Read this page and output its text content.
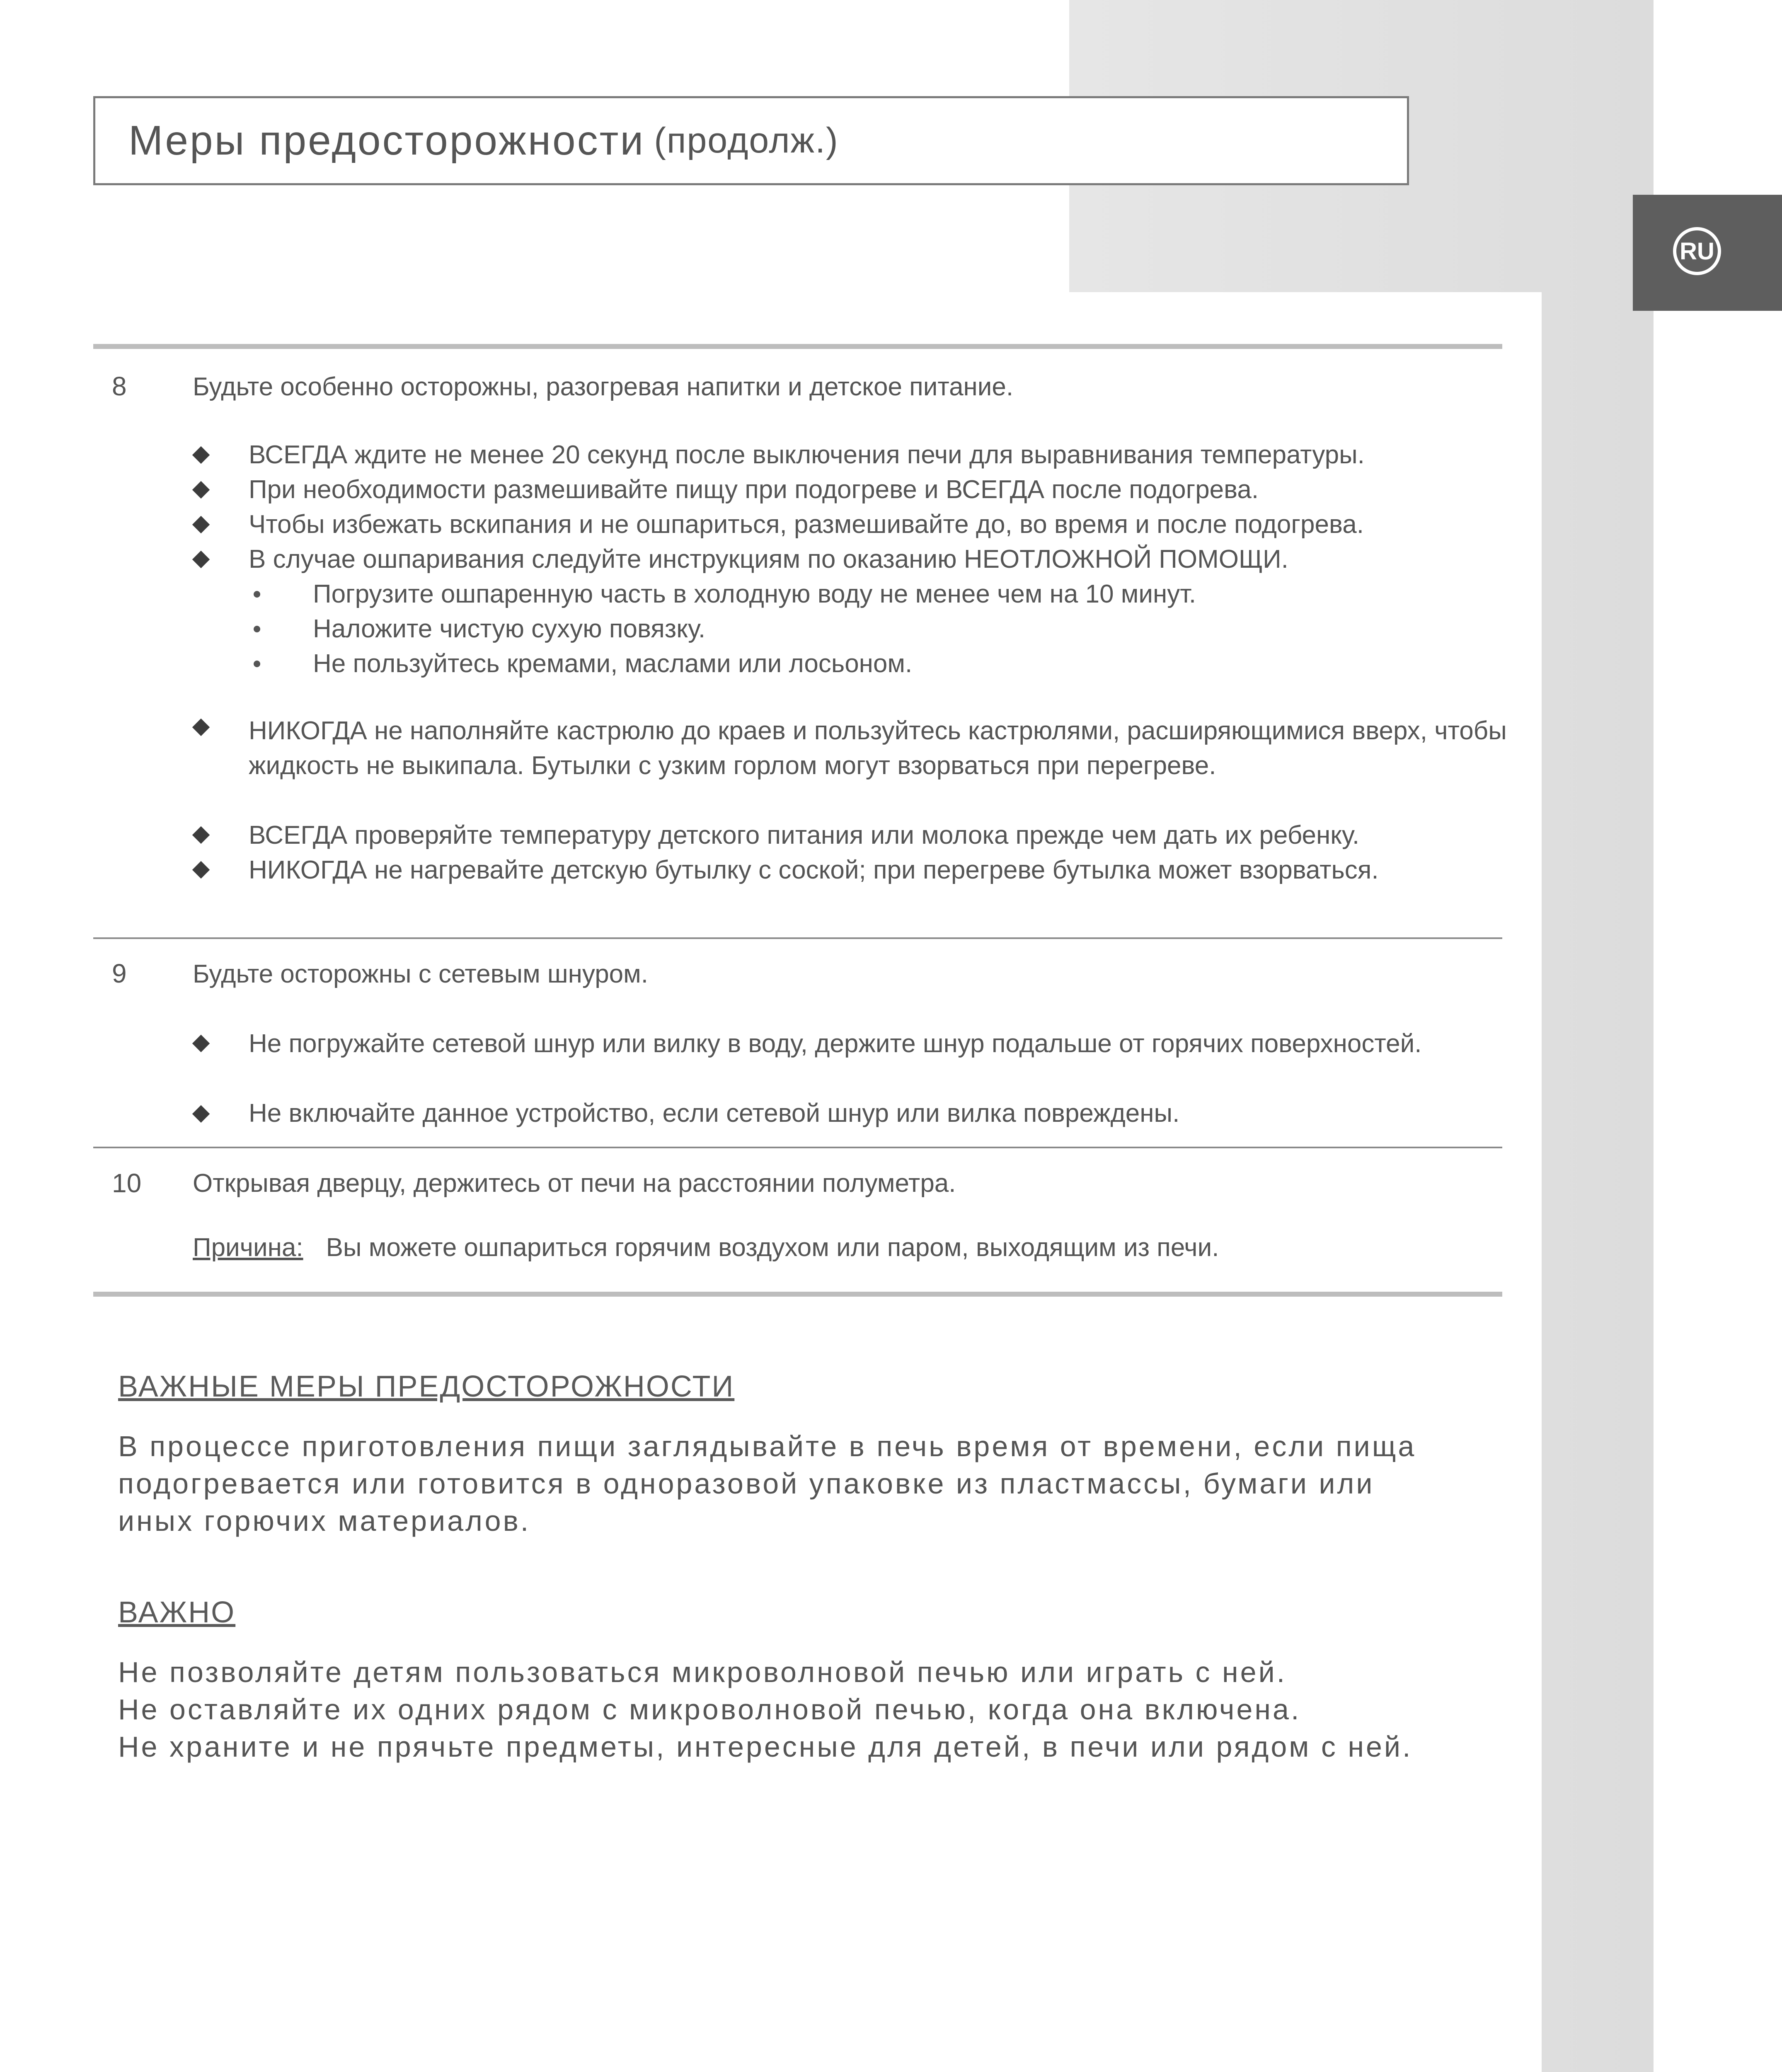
RU
Меры предосторожности (продолж.)
8	Будьте особенно осторожны, разогревая напитки и детское питание.
ВСЕГДА ждите не менее 20 секунд после выключения печи для выравнивания температуры.
При необходимости размешивайте пищу при подогреве и ВСЕГДА после подогрева.
Чтобы избежать вскипания и не ошпариться, размешивайте до, во время и после подогрева.
В случае ошпаривания следуйте инструкциям по оказанию НЕОТЛОЖНОЙ ПОМОЩИ.
Погрузите ошпаренную часть в холодную воду не менее чем на 10 минут.
Наложите чистую сухую повязку.
Не пользуйтесь кремами, маслами или лосьоном.
НИКОГДА не наполняйте кастрюлю до краев и пользуйтесь кастрюлями, расширяющимися вверх, чтобы жидкость не выкипала. Бутылки с узким горлом могут взорваться при перегреве.
ВСЕГДА проверяйте температуру детского питания или молока прежде чем дать их ребенку.
НИКОГДА не нагревайте детскую бутылку с соской; при перегреве бутылка может взорваться.
9	Будьте осторожны с сетевым шнуром.
Не погружайте сетевой шнур или вилку в воду, держите шнур подальше от горячих поверхностей.
Не включайте данное устройство, если сетевой шнур или вилка повреждены.
10 Открывая дверцу, держитесь от печи на расстоянии полуметра.
Причина: Вы можете ошпариться горячим воздухом или паром, выходящим из печи.
ВАЖНЫЕ МЕРЫ ПРЕДОСТОРОЖНОСТИ
В процессе приготовления пищи заглядывайте в печь время от времени, если пища
подогревается или готовится в одноразовой упаковке из пластмассы, бумаги или
иных горючих материалов.
ВАЖНО
Не позволяйте детям пользоваться микроволновой печью или играть с ней.
Не оставляйте их одних рядом с микроволновой печью, когда она включена.
Не храните и не прячьте предметы, интересные для детей, в печи или рядом с ней.
